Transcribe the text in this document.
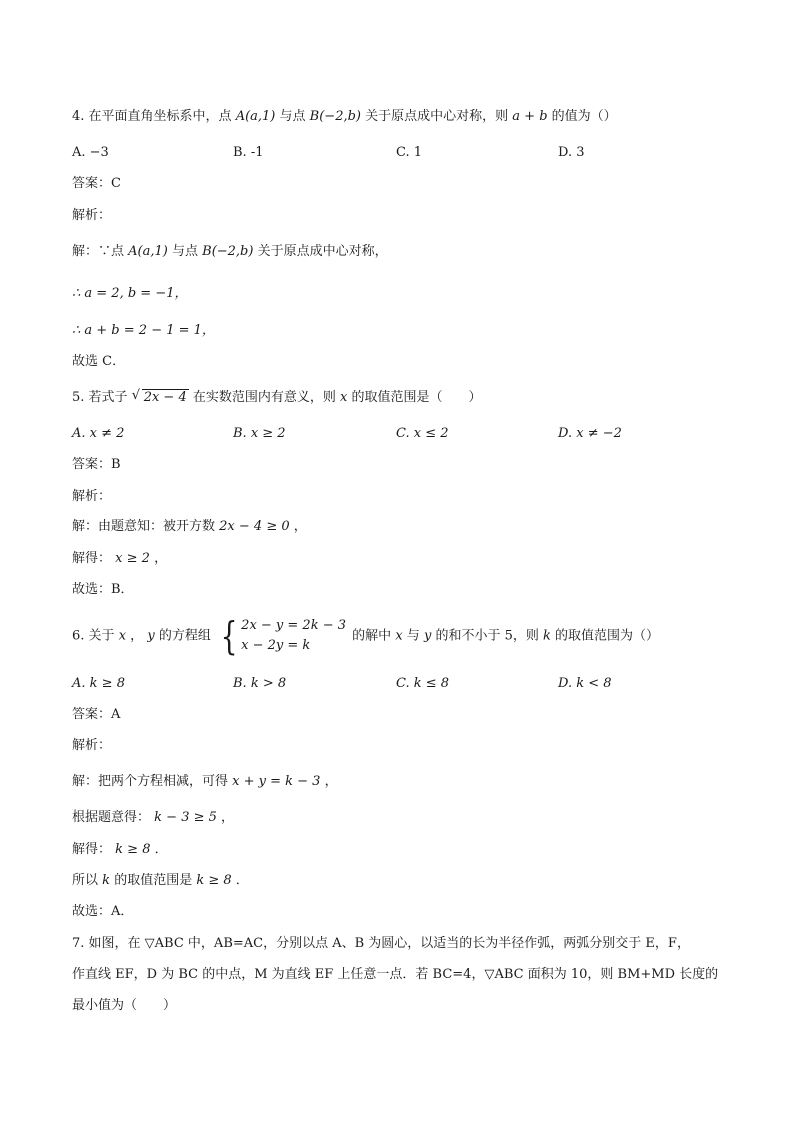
4. 在平面直角坐标系中，点 A(a,1) 与点 B(−2,b) 关于原点成中心对称，则 a + b 的值为（）
A. −3	B. -1	C. 1	D. 3
答案：C
解析：
解：∵点 A(a,1) 与点 B(−2,b) 关于原点成中心对称，
∴ a = 2, b = −1，
∴ a + b = 2 − 1 = 1，
故选 C．
5. 若式子 √ 2x − 4 在实数范围内有意义，则 x 的取值范围是（　　）
A. x ≠ 2	B. x ≥ 2	C. x ≤ 2	D. x ≠ −2
答案：B
解析：
解：由题意知：被开方数 2x − 4 ≥ 0 ，
解得： x ≥ 2 ，
故选：B．
6. 关于 x ， y 的方程组 { 2x − y = 2k − 3
x − 2y = k
的解中 x 与 y 的和不小于 5，则 k 的取值范围为（）
A. k ≥ 8	B. k > 8	C. k ≤ 8	D. k < 8
答案：A
解析：
解：把两个方程相减，可得 x + y = k − 3 ，
根据题意得： k − 3 ≥ 5 ，
解得： k ≥ 8 ．
所以 k 的取值范围是 k ≥ 8 ．
故选：A．
7. 如图，在 ▽ABC 中，AB=AC，分别以点 A、B 为圆心，以适当的长为半径作弧，两弧分别交于 E，F，
作直线 EF，D 为 BC 的中点，M 为直线 EF 上任意一点．若 BC=4，▽ABC 面积为 10，则 BM+MD 长度的
最小值为（　　）
